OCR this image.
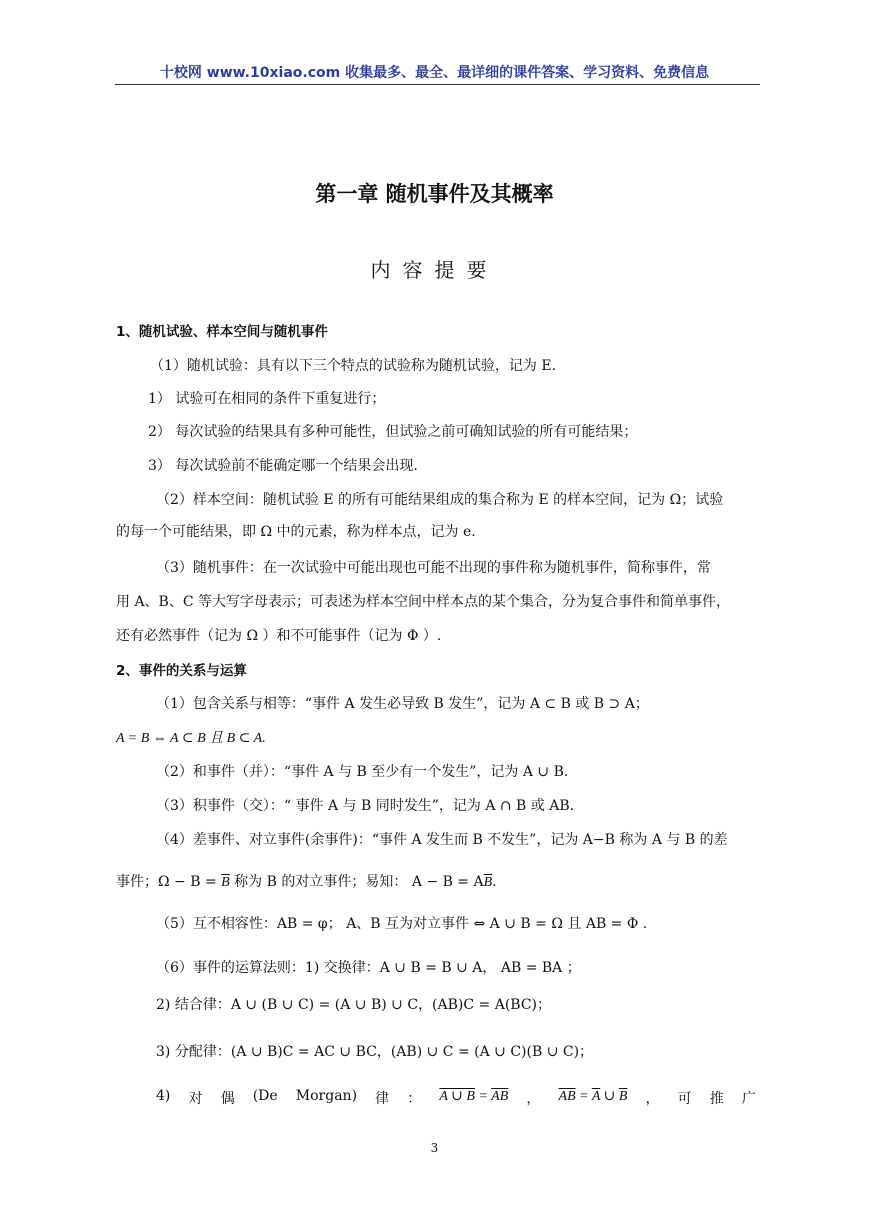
十校网 www.10xiao.com 收集最多、最全、最详细的课件答案、学习资料、免费信息
第一章 随机事件及其概率
内容提要
1、随机试验、样本空间与随机事件
（1）随机试验：具有以下三个特点的试验称为随机试验，记为 E.
1） 试验可在相同的条件下重复进行；
2） 每次试验的结果具有多种可能性，但试验之前可确知试验的所有可能结果；
3） 每次试验前不能确定哪一个结果会出现.
（2）样本空间：随机试验 E 的所有可能结果组成的集合称为 E 的样本空间，记为 Ω；试验
的每一个可能结果，即 Ω 中的元素，称为样本点，记为 e.
（3）随机事件：在一次试验中可能出现也可能不出现的事件称为随机事件，简称事件，常
用 A、B、C 等大写字母表示；可表述为样本空间中样本点的某个集合，分为复合事件和简单事件，
还有必然事件（记为 Ω ）和不可能事件（记为 Φ ）.
2、事件的关系与运算
（1）包含关系与相等：“事件 A 发生必导致 B 发生”，记为 A ⊂ B 或 B ⊃ A；
A = B ⇔ A ⊂ B 且 B ⊂ A.
（2）和事件（并）：“事件 A 与 B 至少有一个发生”，记为 A ∪ B.
（3）积事件（交）：“ 事件 A 与 B 同时发生”，记为 A ∩ B 或 AB.
（4）差事件、对立事件(余事件)：“事件 A 发生而 B 不发生”，记为 A−B 称为 A 与 B 的差
事件；$\Omega - B = \overline{B}$ 称为 B 的对立事件；易知： $A - B = A\overline{B}$.
（5）互不相容性：AB = φ； A、B 互为对立事件 ⇔ A ∪ B = Ω 且 AB = Φ .
（6）事件的运算法则：1) 交换律：A ∪ B = B ∪ A， AB = BA ；
2) 结合律：A ∪ (B ∪ C) = (A ∪ B) ∪ C，(AB)C = A(BC)；
3) 分配律：(A ∪ B)C = AC ∪ BC，(AB) ∪ C = (A ∪ C)(B ∪ C)；
4) 对 偶 (De Morgan) 律 ： A ∪ $B = \overline{A}\overline{B}$ ， $\overline{AB} = \overline{A}$ ∪ $\overline{B}$ ， 可 推 广
3
